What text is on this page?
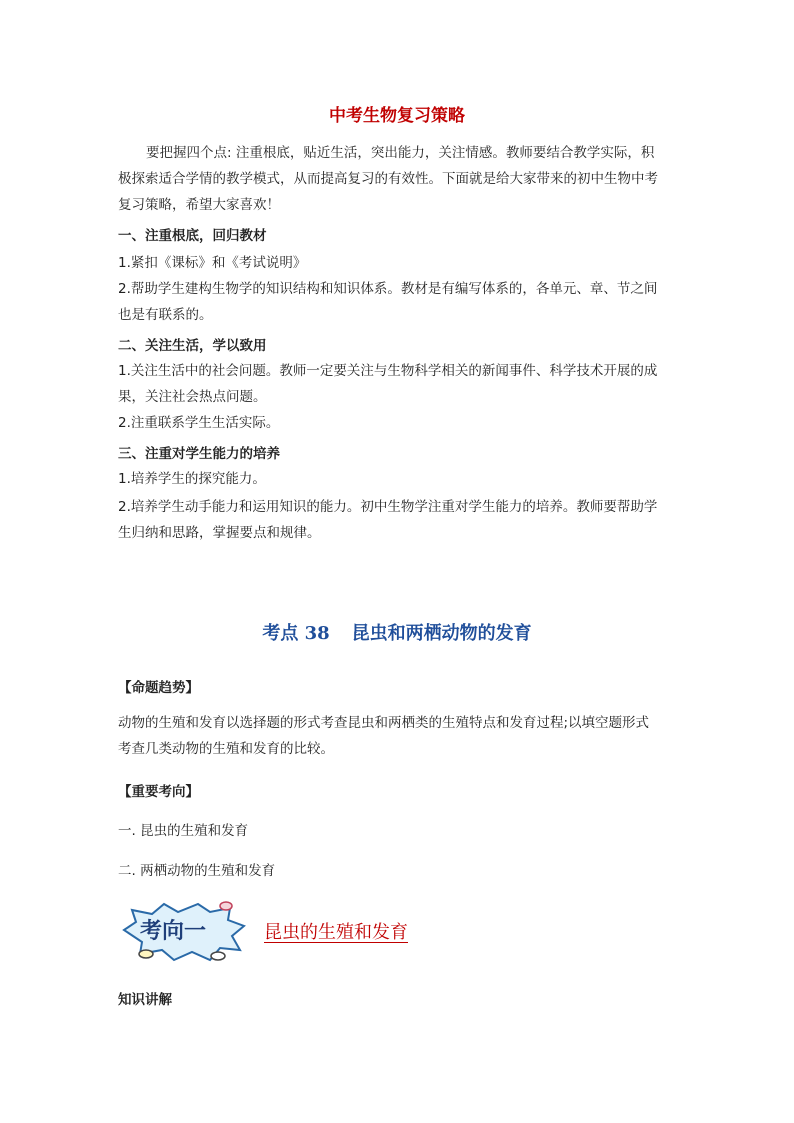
中考生物复习策略
要把握四个点: 注重根底，贴近生活，突出能力，关注情感。教师要结合教学实际，积
极探索适合学情的教学模式，从而提高复习的有效性。下面就是给大家带来的初中生物中考
复习策略，希望大家喜欢！
一、注重根底，回归教材
1.紧扣《课标》和《考试说明》
2.帮助学生建构生物学的知识结构和知识体系。教材是有编写体系的，各单元、章、节之间
也是有联系的。
二、关注生活，学以致用
1.关注生活中的社会问题。教师一定要关注与生物科学相关的新闻事件、科学技术开展的成
果，关注社会热点问题。
2.注重联系学生生活实际。
三、注重对学生能力的培养
1.培养学生的探究能力。
2.培养学生动手能力和运用知识的能力。初中生物学注重对学生能力的培养。教师要帮助学
生归纳和思路，掌握要点和规律。
考点 38 昆虫和两栖动物的发育
【命题趋势】
动物的生殖和发育以选择题的形式考查昆虫和两栖类的生殖特点和发育过程;以填空题形式
考查几类动物的生殖和发育的比较。
【重要考向】
一. 昆虫的生殖和发育
二. 两栖动物的生殖和发育
考向一	昆虫的生殖和发育
知识讲解
